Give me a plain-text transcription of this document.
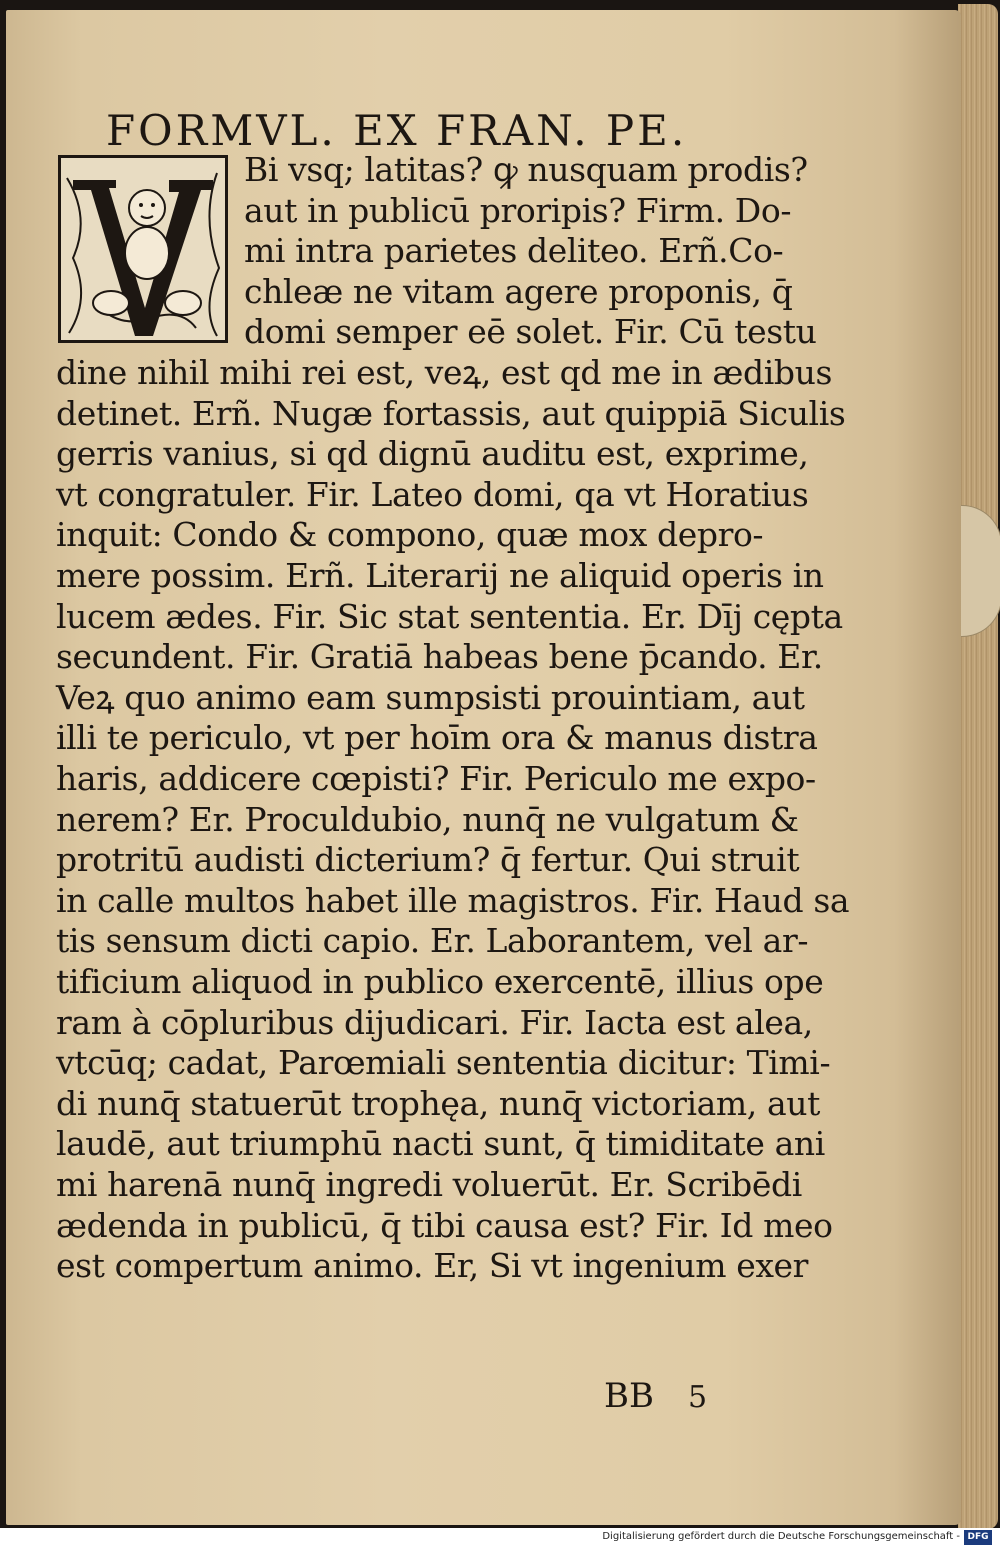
FORMVL. EX FRAN. PE.
Bi vsq; latitas? ꝙ nusquam prodis?
aut in publicū proripis? Firm. Do-
mi intra parietes deliteo. Erñ.Co-
chleæ ne vitam agere proponis, q̄
domi semper eē solet. Fir. Cū testu
dine nihil mihi rei est, veꝝ, est qd me in ædibus
detinet. Erñ. Nugæ fortassis, aut quippiā Siculis
gerris vanius, si qd dignū auditu est, exprime,
vt congratuler. Fir. Lateo domi, qa vt Horatius
inquit: Condo & compono, quæ mox depro-
mere possim. Erñ. Literarij ne aliquid operis in
lucem ædes. Fir. Sic stat sententia. Er. Dīj cęptа
secundent. Fir. Gratiā habeas bene p̄cando. Er.
Veꝝ quo animo eam sumpsisti prouintiam, aut
illi te periculo, vt per hoīm ora & manus distra
haris, addicere cœpisti? Fir. Periculo me expo-
nerem? Er. Proculdubio, nunq̄ ne vulgatum &
protritū audisti dicterium? q̄ fertur. Qui struit
in calle multos habet ille magistros. Fir. Haud sa
tis sensum dicti capio. Er. Laborantem, vel ar-
tificium aliquod in publico exercentē, illius ope
ram à cōpluribus dijudicari. Fir. Iacta est alea,
vtcūq; cadat, Parœmiali sententia dicitur: Timi-
di nunq̄ statuerūt trophęa, nunq̄ victoriam, aut
laudē, aut triumphū nacti sunt, q̄ timiditate ani
mi harenā nunq̄ ingredi voluerūt. Er. Scribēdi
ædenda in publicū, q̄ tibi causa est? Fir. Id meo
est compertum animo. Er, Si vt ingenium exer
BB 5
Digitalisierung gefördert durch die Deutsche Forschungsgemeinschaft - DFG
